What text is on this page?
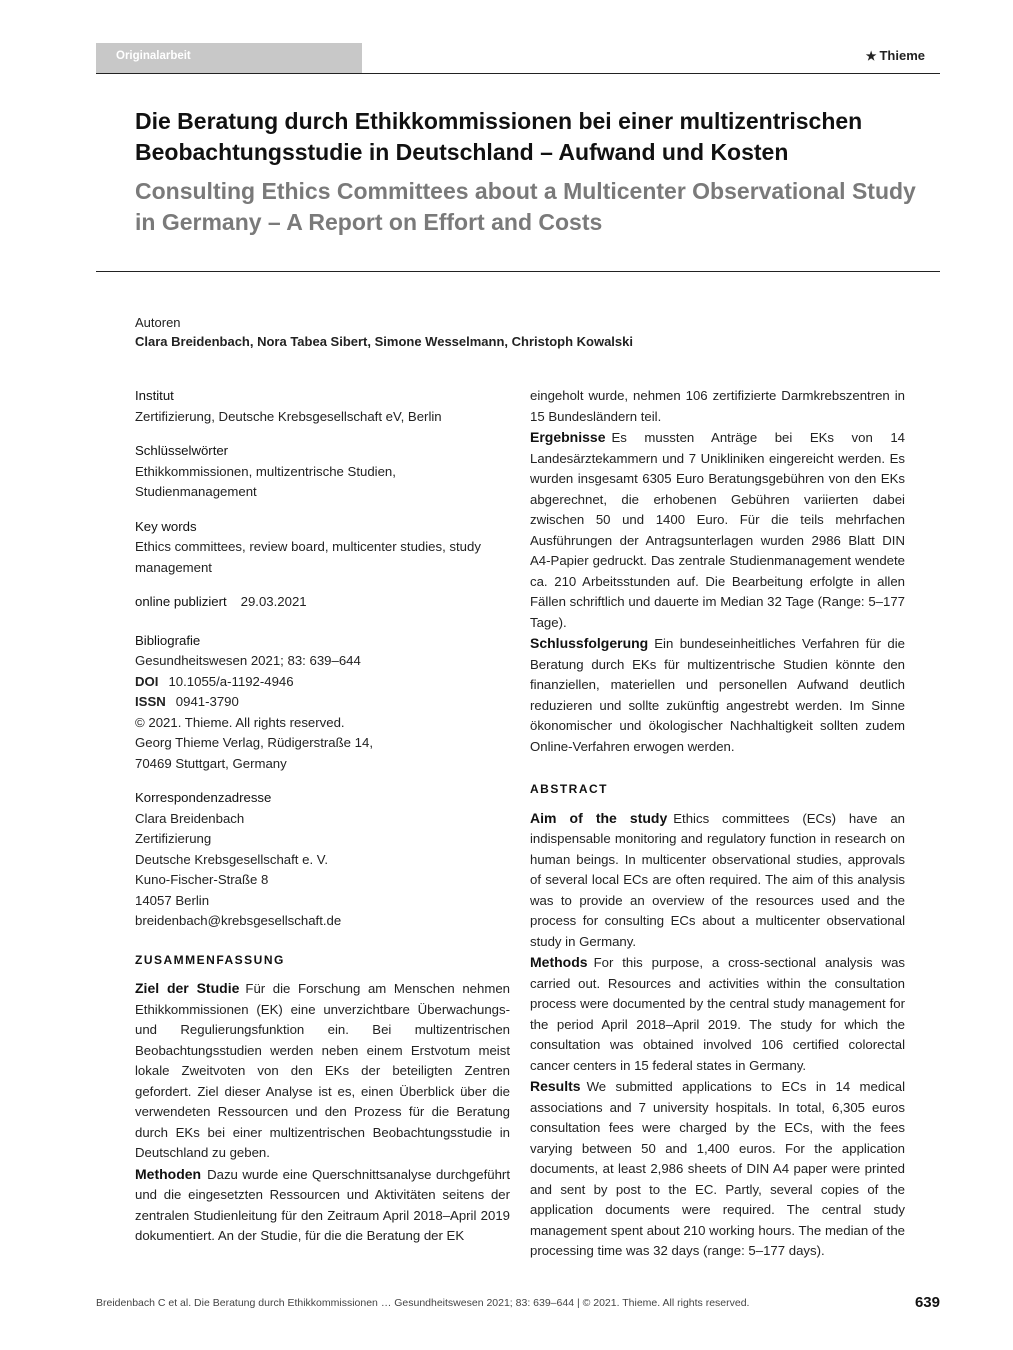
Originalarbeit	★ Thieme
Die Beratung durch Ethikkommissionen bei einer multizentrischen Beobachtungsstudie in Deutschland – Aufwand und Kosten
Consulting Ethics Committees about a Multicenter Observational Study in Germany – A Report on Effort and Costs
Autoren
Clara Breidenbach, Nora Tabea Sibert, Simone Wesselmann, Christoph Kowalski
Institut
Zertifizierung, Deutsche Krebsgesellschaft eV, Berlin
Schlüsselwörter
Ethikkommissionen, multizentrische Studien, Studienmanagement
Key words
Ethics committees, review board, multicenter studies, study management
online publiziert 29.03.2021
Bibliografie
Gesundheitswesen 2021; 83: 639–644
DOI 10.1055/a-1192-4946
ISSN 0941-3790
© 2021. Thieme. All rights reserved.
Georg Thieme Verlag, Rüdigerstraße 14,
70469 Stuttgart, Germany
Korrespondenzadresse
Clara Breidenbach
Zertifizierung
Deutsche Krebsgesellschaft e. V.
Kuno-Fischer-Straße 8
14057 Berlin
breidenbach@krebsgesellschaft.de
ZUSAMMENFASSUNG

Ziel der Studie Für die Forschung am Menschen nehmen Ethikkommissionen (EK) eine unverzichtbare Überwachungs- und Regulierungsfunktion ein. Bei multizentrischen Beobachtungsstudien werden neben einem Erstvotum meist lokale Zweitvoten von den EKs der beteiligten Zentren gefordert. Ziel dieser Analyse ist es, einen Überblick über die verwendeten Ressourcen und den Prozess für die Beratung durch EKs bei einer multizentrischen Beobachtungsstudie in Deutschland zu geben.

Methoden Dazu wurde eine Querschnittsanalyse durchgeführt und die eingesetzten Ressourcen und Aktivitäten seitens der zentralen Studienleitung für den Zeitraum April 2018–April 2019 dokumentiert. An der Studie, für die die Beratung der EK

eingeholt wurde, nehmen 106 zertifizierte Darmkrebszentren in 15 Bundesländern teil.

Ergebnisse Es mussten Anträge bei EKs von 14 Landesärztekammern und 7 Unikliniken eingereicht werden. Es wurden insgesamt 6305 Euro Beratungsgebühren von den EKs abgerechnet, die erhobenen Gebühren variierten dabei zwischen 50 und 1400 Euro. Für die teils mehrfachen Ausführungen der Antragsunterlagen wurden 2986 Blatt DIN A4-Papier gedruckt. Das zentrale Studienmanagement wendete ca. 210 Arbeitsstunden auf. Die Bearbeitung erfolgte in allen Fällen schriftlich und dauerte im Median 32 Tage (Range: 5–177 Tage).

Schlussfolgerung Ein bundeseinheitliches Verfahren für die Beratung durch EKs für multizentrische Studien könnte den finanziellen, materiellen und personellen Aufwand deutlich reduzieren und sollte zukünftig angestrebt werden. Im Sinne ökonomischer und ökologischer Nachhaltigkeit sollten zudem Online-Verfahren erwogen werden.

ABSTRACT

Aim of the study Ethics committees (ECs) have an indispensable monitoring and regulatory function in research on human beings. In multicenter observational studies, approvals of several local ECs are often required. The aim of this analysis was to provide an overview of the resources used and the process for consulting ECs about a multicenter observational study in Germany.

Methods For this purpose, a cross-sectional analysis was carried out. Resources and activities within the consultation process were documented by the central study management for the period April 2018–April 2019. The study for which the consultation was obtained involved 106 certified colorectal cancer centers in 15 federal states in Germany.

Results We submitted applications to ECs in 14 medical associations and 7 university hospitals. In total, 6,305 euros consultation fees were charged by the ECs, with the fees varying between 50 and 1,400 euros. For the application documents, at least 2,986 sheets of DIN A4 paper were printed and sent by post to the EC. Partly, several copies of the application documents were required. The central study management spent about 210 working hours. The median of the processing time was 32 days (range: 5–177 days).

Breidenbach C et al. Die Beratung durch Ethikkommissionen … Gesundheitswesen 2021; 83: 639–644 | © 2021. Thieme. All rights reserved.	639
